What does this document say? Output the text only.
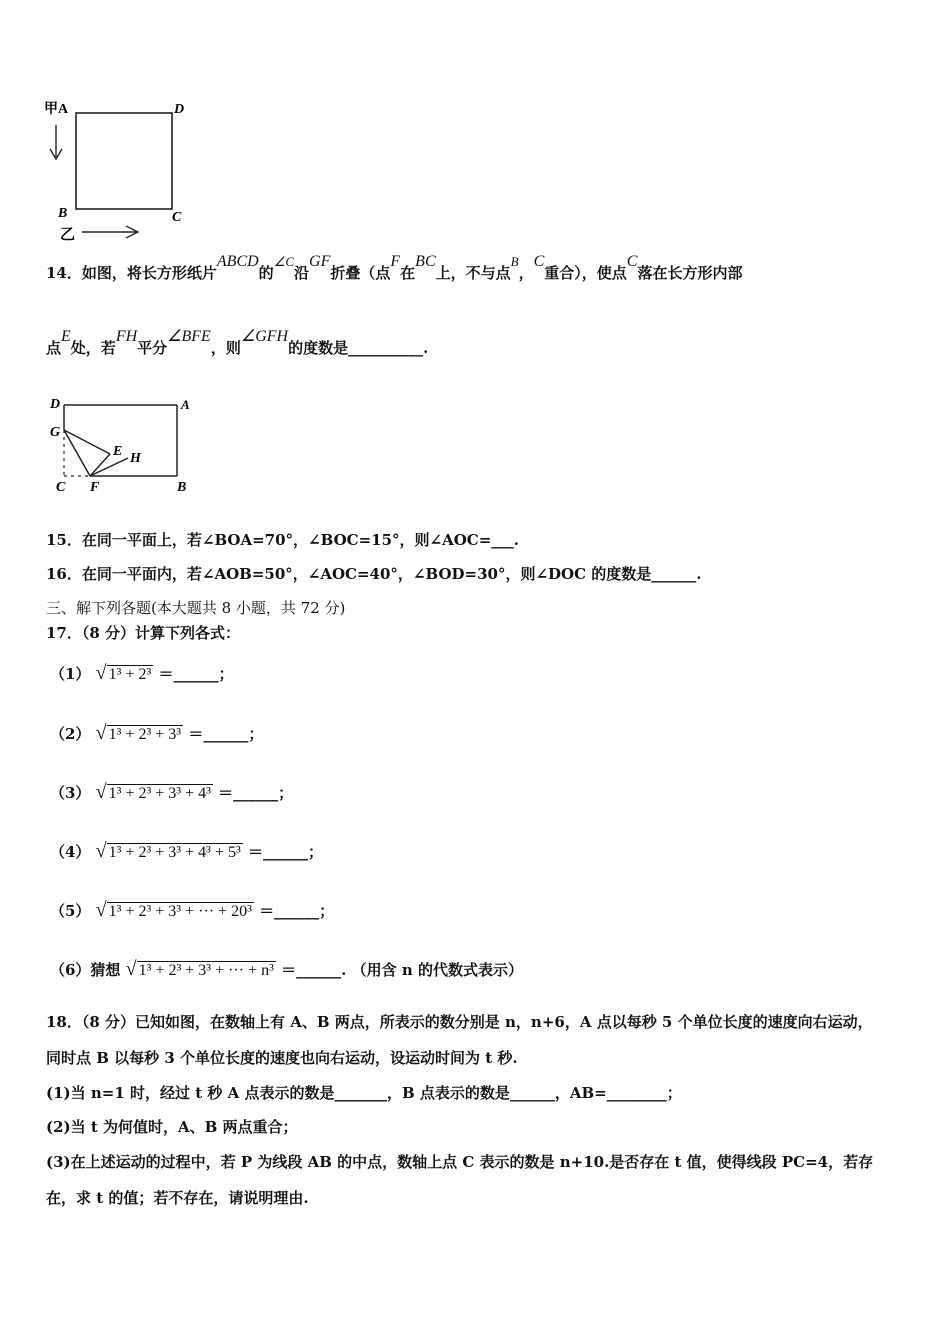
甲A	D
B	C
乙
14．如图，将长方形纸片ABCD的∠C沿GF折叠（点F在BC上，不与点B，C重合），使点C落在长方形内部
点E处，若FH平分∠BFE，则∠GFH的度数是__________.
D	A
G
E H
C F	B
15．在同一平面上，若∠BOA=70°，∠BOC=15°，则∠AOC=___.
16．在同一平面内，若∠AOB=50°，∠AOC=40°，∠BOD=30°，则∠DOC 的度数是______.
三、解下列各题(本大题共 8 小题，共 72 分)
17．（8 分）计算下列各式：
（1） √ 1³ + 2³ ＝______；
（2） √ 1³ + 2³ + 3³ ＝______；
（3） √ 1³ + 2³ + 3³ + 4³ ＝______；
（4） √ 1³ + 2³ + 3³ + 4³ + 5³ ＝______；
（5） √ 1³ + 2³ + 3³ + ··· + 20³ ＝______；
（6）猜想 √ 1³ + 2³ + 3³ + ··· + n³ ＝______. （用含 n 的代数式表示）
18．（8 分）已知如图，在数轴上有 A、B 两点，所表示的数分别是 n，n+6，A 点以每秒 5 个单位长度的速度向右运动，
同时点 B 以每秒 3 个单位长度的速度也向右运动，设运动时间为 t 秒.
(1)当 n=1 时，经过 t 秒 A 点表示的数是_______，B 点表示的数是______，AB=________；
(2)当 t 为何值时，A、B 两点重合；
(3)在上述运动的过程中，若 P 为线段 AB 的中点，数轴上点 C 表示的数是 n+10.是否存在 t 值，使得线段 PC=4，若存
在，求 t 的值；若不存在，请说明理由.
